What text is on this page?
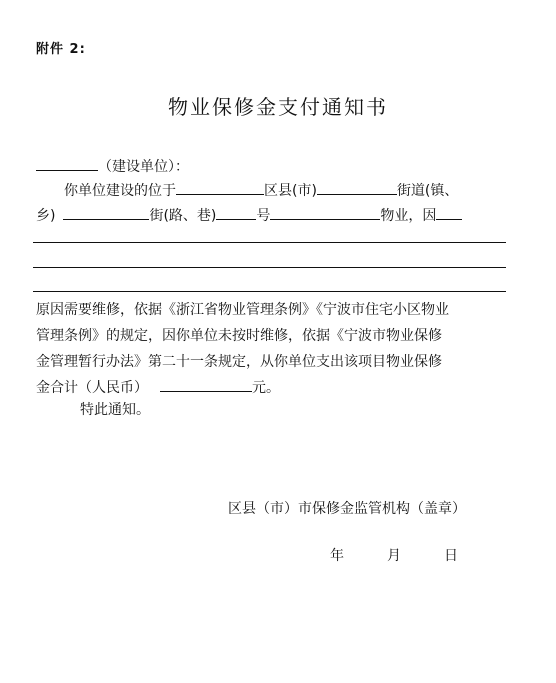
附件 2:
物业保修金支付通知书
（建设单位）：
你单位建设的位于	区县(市)	街道(镇、
乡)	街(路、巷)	号	物业，因
原因需要维修，依据《浙江省物业管理条例》《宁波市住宅小区物业
管理条例》的规定，因你单位未按时维修，依据《宁波市物业保修
金管理暂行办法》第二十一条规定，从你单位支出该项目物业保修
金合计（人民币）	元。
特此通知。
区县（市）市保修金监管机构（盖章）
年	月	日
